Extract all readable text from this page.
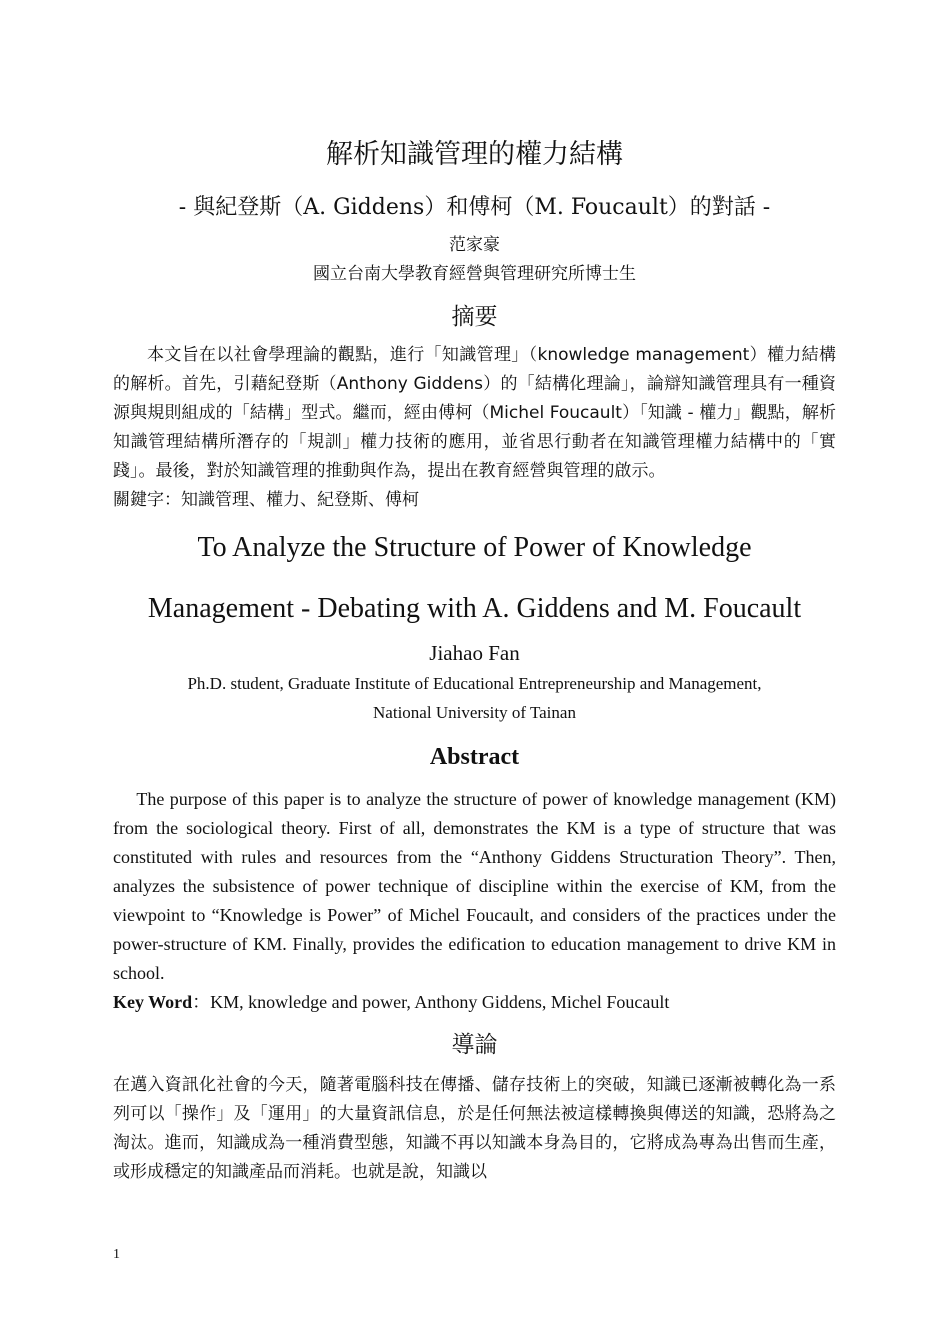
解析知識管理的權力結構
- 與紀登斯（A. Giddens）和傅柯（M. Foucault）的對話 -
范家豪
國立台南大學教育經營與管理研究所博士生
摘要

本文旨在以社會學理論的觀點，進行「知識管理」（knowledge management）權力結構的解析。首先，引藉紀登斯（Anthony Giddens）的「結構化理論」，論辯知識管理具有一種資源與規則組成的「結構」型式。繼而，經由傅柯（Michel Foucault）「知識 - 權力」觀點，解析知識管理結構所潛存的「規訓」權力技術的應用，並省思行動者在知識管理權力結構中的「實踐」。最後，對於知識管理的推動與作為，提出在教育經營與管理的啟示。

關鍵字：知識管理、權力、紀登斯、傅柯

To Analyze the Structure of Power of Knowledge
Management - Debating with A. Giddens and M. Foucault
Jiahao Fan
Ph.D. student, Graduate Institute of Educational Entrepreneurship and Management,
National University of Tainan
Abstract

The purpose of this paper is to analyze the structure of power of knowledge management (KM) from the sociological theory. First of all, demonstrates the KM is a type of structure that was constituted with rules and resources from the “Anthony Giddens Structuration Theory”. Then, analyzes the subsistence of power technique of discipline within the exercise of KM, from the viewpoint to “Knowledge is Power” of Michel Foucault, and considers of the practices under the power-structure of KM. Finally, provides the edification to education management to drive KM in school.

Key Word：KM, knowledge and power, Anthony Giddens, Michel Foucault

導論

在邁入資訊化社會的今天，隨著電腦科技在傳播、儲存技術上的突破，知識已逐漸被轉化為一系列可以「操作」及「運用」的大量資訊信息，於是任何無法被這樣轉換與傳送的知識，恐將為之淘汰。進而，知識成為一種消費型態，知識不再以知識本身為目的，它將成為專為出售而生產，或形成穩定的知識產品而消耗。也就是說，知識以

1
